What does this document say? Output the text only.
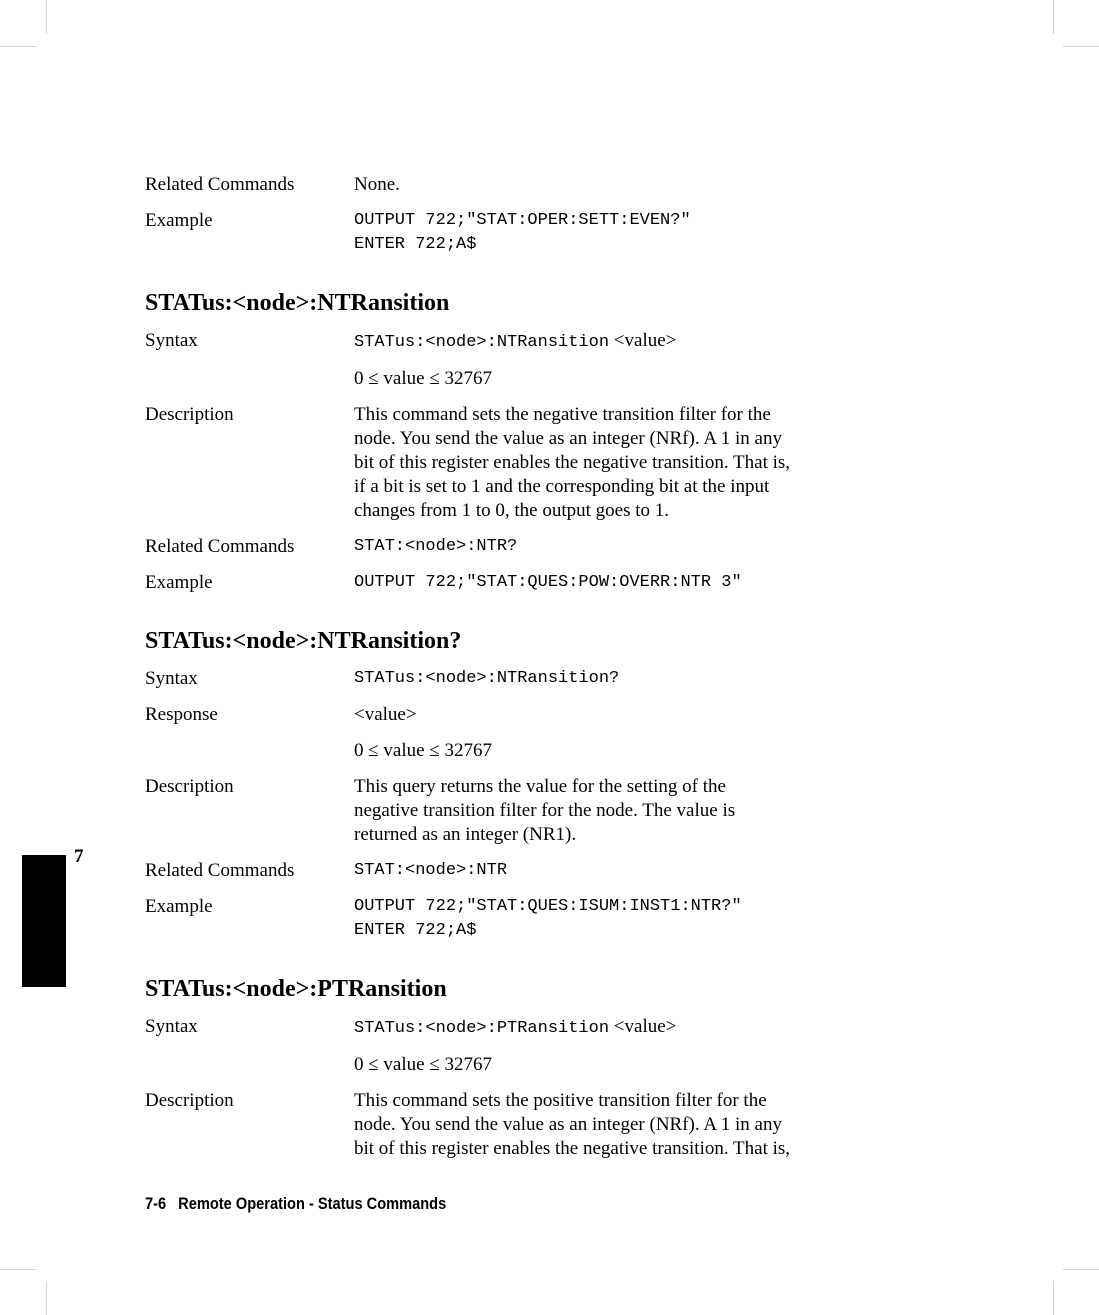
7
Related Commands	None.
Example	OUTPUT 722;"STAT:OPER:SETT:EVEN?"
ENTER 722;A$
STATus:<node>:NTRansition
Syntax	STATus:<node>:NTRansition <value>
0 ≤ value ≤ 32767
Description	This command sets the negative transition filter for the
node. You send the value as an integer (NRf). A 1 in any
bit of this register enables the negative transition. That is,
if a bit is set to 1 and the corresponding bit at the input
changes from 1 to 0, the output goes to 1.
Related Commands	STAT:<node>:NTR?
Example	OUTPUT 722;"STAT:QUES:POW:OVERR:NTR 3"
STATus:<node>:NTRansition?
Syntax	STATus:<node>:NTRansition?
Response	<value>
0 ≤ value ≤ 32767
Description	This query returns the value for the setting of the
negative transition filter for the node. The value is
returned as an integer (NR1).
Related Commands	STAT:<node>:NTR
Example	OUTPUT 722;"STAT:QUES:ISUM:INST1:NTR?"
ENTER 722;A$
STATus:<node>:PTRansition
Syntax	STATus:<node>:PTRansition <value>
0 ≤ value ≤ 32767
Description	This command sets the positive transition filter for the
node. You send the value as an integer (NRf). A 1 in any
bit of this register enables the negative transition. That is,
7-6 Remote Operation - Status Commands
